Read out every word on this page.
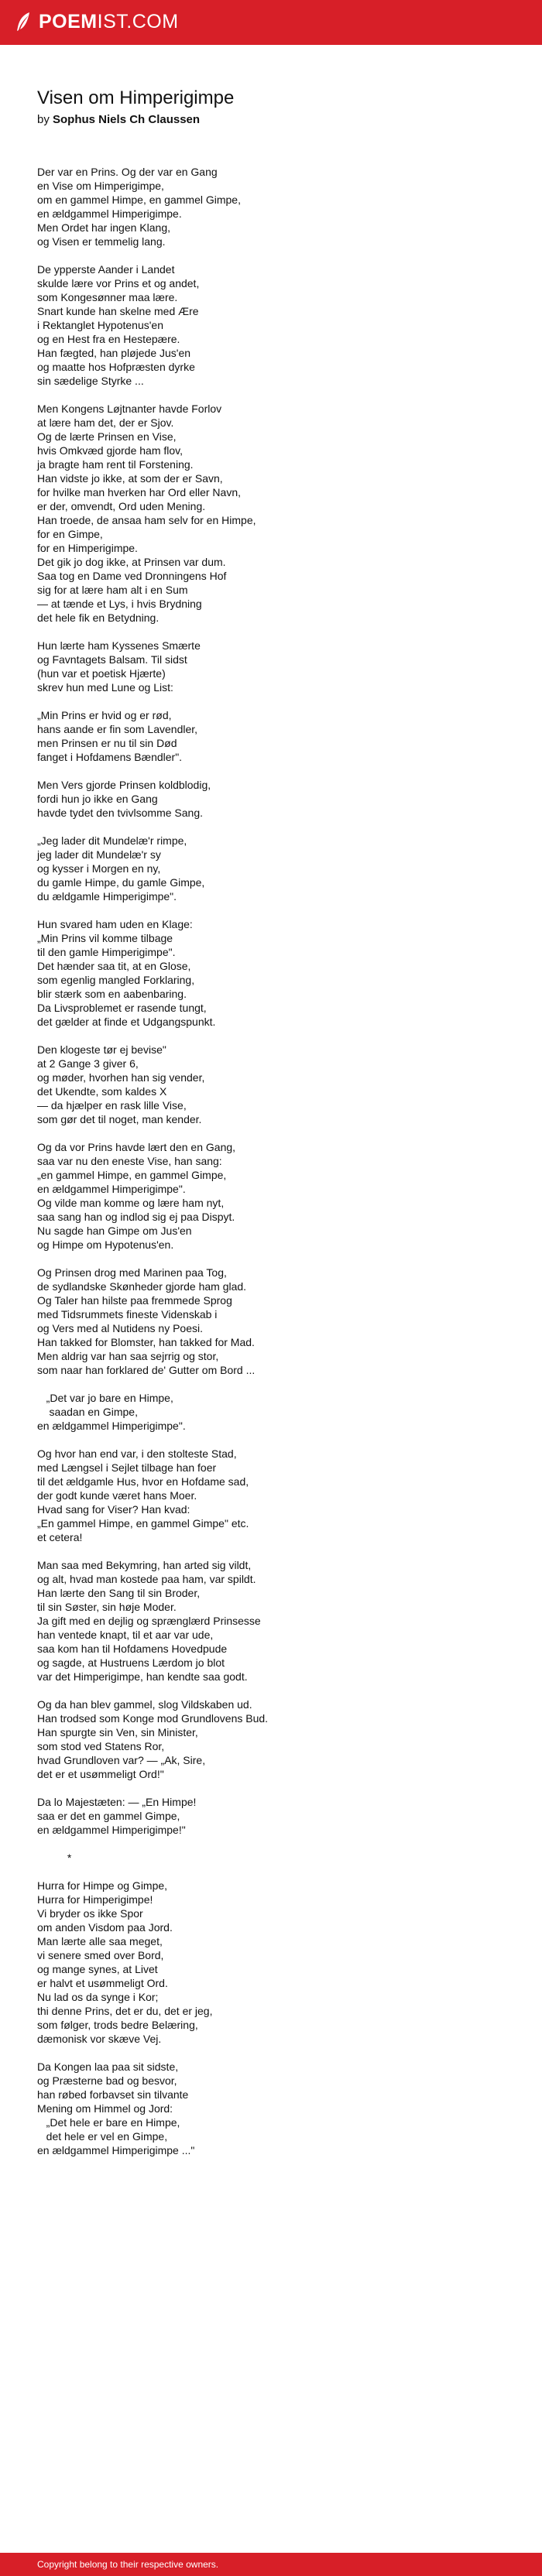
POEMIST.COM
Visen om Himperigimpe
by Sophus Niels Ch Claussen
Der var en Prins. Og der var en Gang
en Vise om Himperigimpe,
om en gammel Himpe, en gammel Gimpe,
en ældgammel Himperigimpe.
Men Ordet har ingen Klang,
og Visen er temmelig lang.
De ypperste Aander i Landet
skulde lære vor Prins et og andet,
som Kongesønner maa lære.
Snart kunde han skelne med Ære
i Rektanglet Hypotenus'en
og en Hest fra en Hestepære.
Han fægted, han pløjede Jus'en
og maatte hos Hofpræsten dyrke
sin sædelige Styrke ...
Men Kongens Løjtnanter havde Forlov
at lære ham det, der er Sjov.
Og de lærte Prinsen en Vise,
hvis Omkvæd gjorde ham flov,
ja bragte ham rent til Forstening.
Han vidste jo ikke, at som der er Savn,
for hvilke man hverken har Ord eller Navn,
er der, omvendt, Ord uden Mening.
Han troede, de ansaa ham selv for en Himpe,
for en Gimpe,
for en Himperigimpe.
Det gik jo dog ikke, at Prinsen var dum.
Saa tog en Dame ved Dronningens Hof
sig for at lære ham alt i en Sum
— at tænde et Lys, i hvis Brydning
det hele fik en Betydning.
Hun lærte ham Kyssenes Smærte
og Favntagets Balsam. Til sidst
(hun var et poetisk Hjærte)
skrev hun med Lune og List:
„Min Prins er hvid og er rød,
hans aande er fin som Lavendler,
men Prinsen er nu til sin Død
fanget i Hofdamens Bændler".
Men Vers gjorde Prinsen koldblodig,
fordi hun jo ikke en Gang
havde tydet den tvivlsomme Sang.
„Jeg lader dit Mundelæ'r rimpe,
jeg lader dit Mundelæ'r sy
og kysser i Morgen en ny,
du gamle Himpe, du gamle Gimpe,
du ældgamle Himperigimpe".
Hun svared ham uden en Klage:
„Min Prins vil komme tilbage
til den gamle Himperigimpe".
Det hænder saa tit, at en Glose,
som egenlig mangled Forklaring,
blir stærk som en aabenbaring.
Da Livsproblemet er rasende tungt,
det gælder at finde et Udgangspunkt.
Den klogeste tør ej bevise"
at 2 Gange 3 giver 6,
og møder, hvorhen han sig vender,
det Ukendte, som kaldes X
— da hjælper en rask lille Vise,
som gør det til noget, man kender.
Og da vor Prins havde lært den en Gang,
saa var nu den eneste Vise, han sang:
„en gammel Himpe, en gammel Gimpe,
en ældgammel Himperigimpe".
Og vilde man komme og lære ham nyt,
saa sang han og indlod sig ej paa Dispyt.
Nu sagde han Gimpe om Jus'en
og Himpe om Hypotenus'en.
Og Prinsen drog med Marinen paa Tog,
de sydlandske Skønheder gjorde ham glad.
Og Taler han hilste paa fremmede Sprog
med Tidsrummets fineste Videnskab i
og Vers med al Nutidens ny Poesi.
Han takked for Blomster, han takked for Mad.
Men aldrig var han saa sejrrig og stor,
som naar han forklared de' Gutter om Bord ...
„Det var jo bare en Himpe,
saadan en Gimpe,
en ældgammel Himperigimpe".
Og hvor han end var, i den stolteste Stad,
med Længsel i Sejlet tilbage han foer
til det ældgamle Hus, hvor en Hofdame sad,
der godt kunde været hans Moer.
Hvad sang for Viser? Han kvad:
„En gammel Himpe, en gammel Gimpe" etc.
et cetera!
Man saa med Bekymring, han arted sig vildt,
og alt, hvad man kostede paa ham, var spildt.
Han lærte den Sang til sin Broder,
til sin Søster, sin høje Moder.
Ja gift med en dejlig og sprænglærd Prinsesse
han ventede knapt, til et aar var ude,
saa kom han til Hofdamens Hovedpude
og sagde, at Hustruens Lærdom jo blot
var det Himperigimpe, han kendte saa godt.
Og da han blev gammel, slog Vildskaben ud.
Han trodsed som Konge mod Grundlovens Bud.
Han spurgte sin Ven, sin Minister,
som stod ved Statens Ror,
hvad Grundloven var? — „Ak, Sire,
det er et usømmeligt Ord!"
Da lo Majestæten: — „En Himpe!
saa er det en gammel Gimpe,
en ældgammel Himperigimpe!"
*
Hurra for Himpe og Gimpe,
Hurra for Himperigimpe!
Vi bryder os ikke Spor
om anden Visdom paa Jord.
Man lærte alle saa meget,
vi senere smed over Bord,
og mange synes, at Livet
er halvt et usømmeligt Ord.
Nu lad os da synge i Kor;
thi denne Prins, det er du, det er jeg,
som følger, trods bedre Belæring,
dæmonisk vor skæve Vej.
Da Kongen laa paa sit sidste,
og Præsterne bad og besvor,
han røbed forbavset sin tilvante
Mening om Himmel og Jord:
„Det hele er bare en Himpe,
det hele er vel en Gimpe,
en ældgammel Himperigimpe ..."
Copyright belong to their respective owners.
